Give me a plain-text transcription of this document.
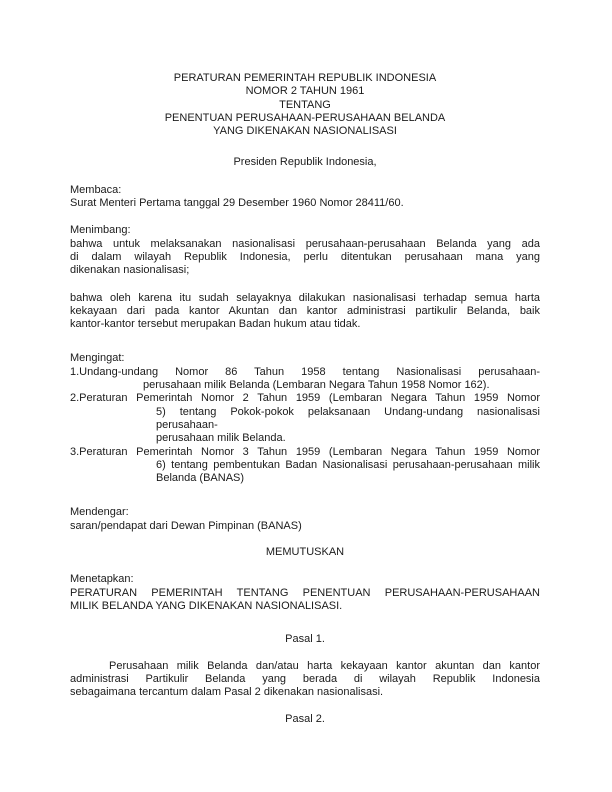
PERATURAN PEMERINTAH REPUBLIK INDONESIA
NOMOR 2 TAHUN 1961
TENTANG
PENENTUAN PERUSAHAAN-PERUSAHAAN BELANDA
YANG DIKENAKAN NASIONALISASI
Presiden Republik Indonesia,
Membaca:
Surat Menteri Pertama tanggal 29 Desember 1960 Nomor 28411/60.
Menimbang:
bahwa untuk melaksanakan nasionalisasi perusahaan-perusahaan Belanda yang ada
di dalam wilayah Republik Indonesia, perlu ditentukan perusahaan mana yang
dikenakan nasionalisasi;
bahwa oleh karena itu sudah selayaknya dilakukan nasionalisasi terhadap semua harta
kekayaan dari pada kantor Akuntan dan kantor administrasi partikulir Belanda, baik
kantor-kantor tersebut merupakan Badan hukum atau tidak.
Mengingat:
1.Undang-undang Nomor 86 Tahun 1958 tentang Nasionalisasi perusahaan-
perusahaan milik Belanda (Lembaran Negara Tahun 1958 Nomor 162).
2.Peraturan Pemerintah Nomor 2 Tahun 1959 (Lembaran Negara Tahun 1959 Nomor
5) tentang Pokok-pokok pelaksanaan Undang-undang nasionalisasi perusahaan-
perusahaan milik Belanda.
3.Peraturan Pemerintah Nomor 3 Tahun 1959 (Lembaran Negara Tahun 1959 Nomor
6) tentang pembentukan Badan Nasionalisasi perusahaan-perusahaan milik
Belanda (BANAS)
Mendengar:
saran/pendapat dari Dewan Pimpinan (BANAS)
MEMUTUSKAN
Menetapkan:
PERATURAN PEMERINTAH TENTANG PENENTUAN PERUSAHAAN-PERUSAHAAN
MILIK BELANDA YANG DIKENAKAN NASIONALISASI.
Pasal 1.
Perusahaan milik Belanda dan/atau harta kekayaan kantor akuntan dan kantor
administrasi Partikulir Belanda yang berada di wilayah Republik Indonesia
sebagaimana tercantum dalam Pasal 2 dikenakan nasionalisasi.
Pasal 2.
